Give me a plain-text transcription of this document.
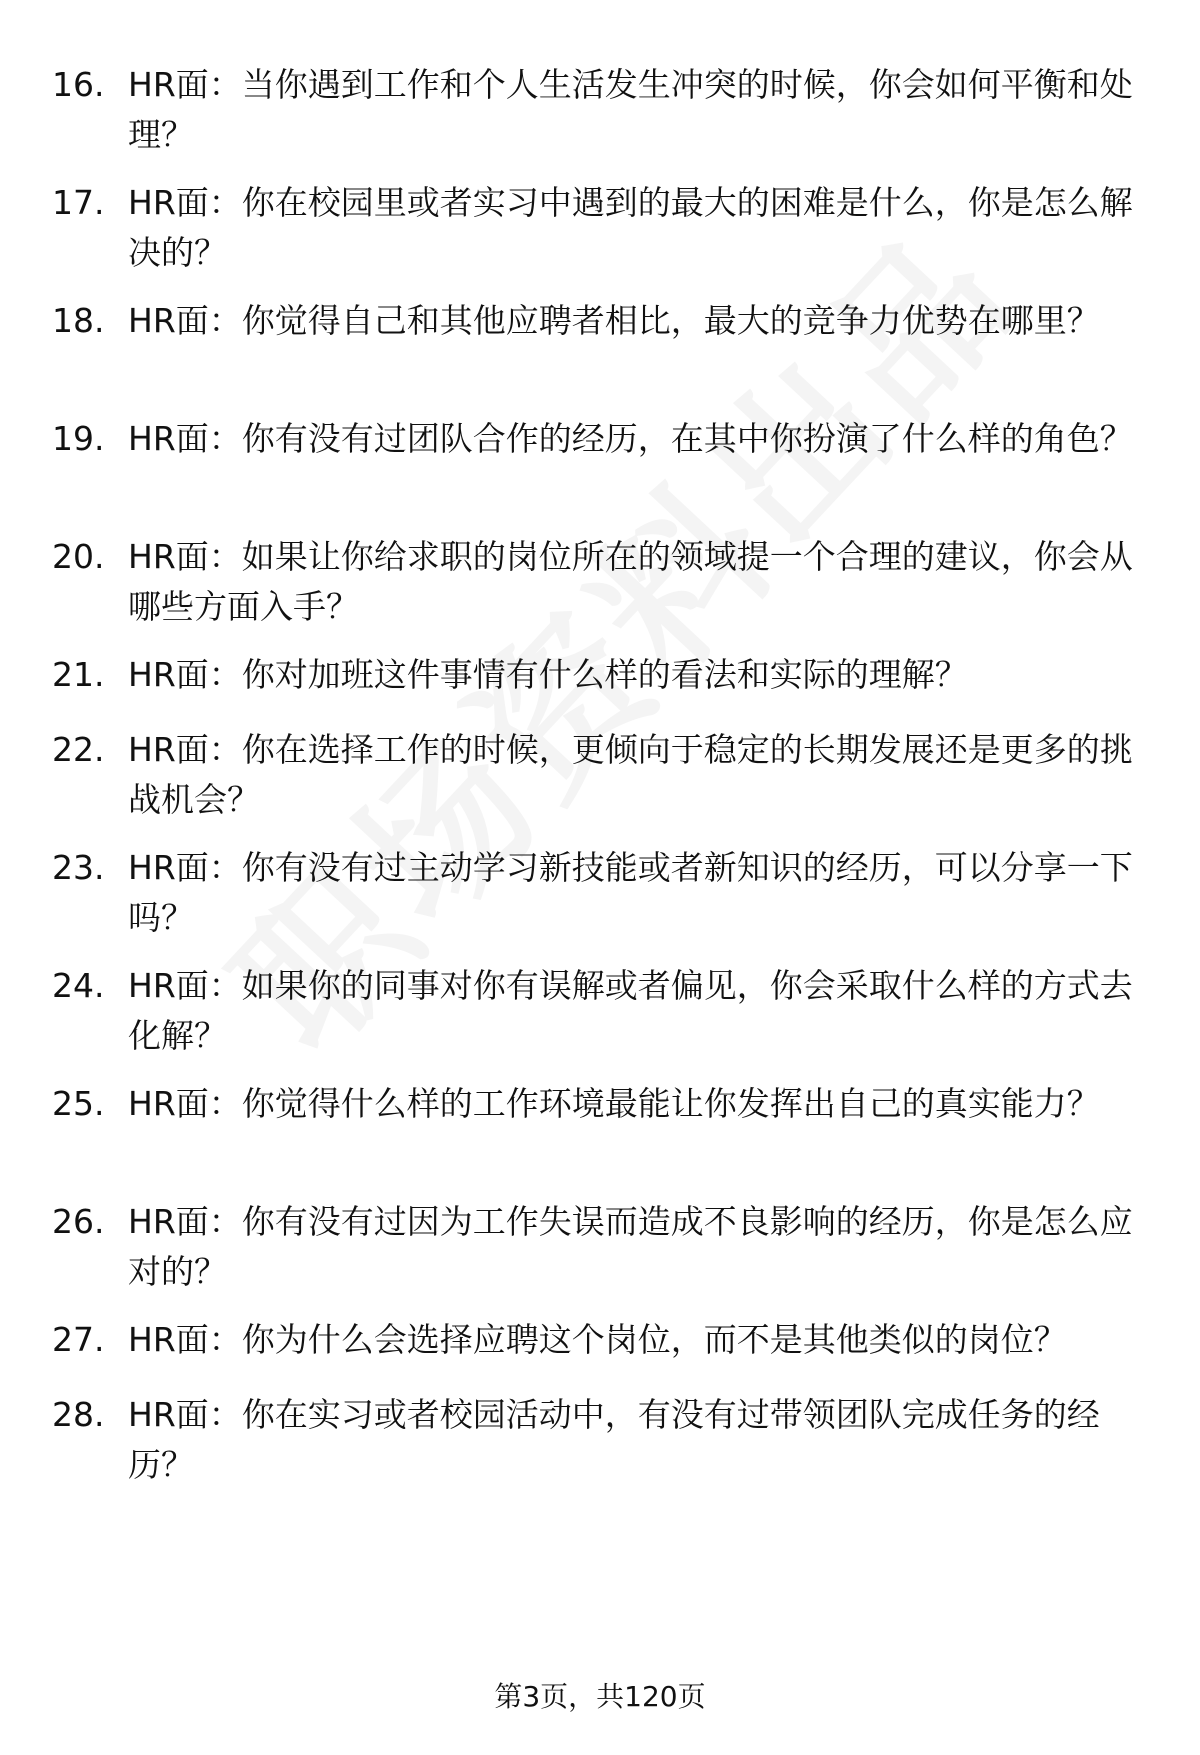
16. HR面：当你遇到工作和个人生活发生冲突的时候，你会如何平衡和处理？
17. HR面：你在校园里或者实习中遇到的最大的困难是什么，你是怎么解决的？
18. HR面：你觉得自己和其他应聘者相比，最大的竞争力优势在哪里？
19. HR面：你有没有过团队合作的经历，在其中你扮演了什么样的角色？
20. HR面：如果让你给求职的岗位所在的领域提一个合理的建议，你会从哪些方面入手？
21. HR面：你对加班这件事情有什么样的看法和实际的理解？
22. HR面：你在选择工作的时候，更倾向于稳定的长期发展还是更多的挑战机会？
23. HR面：你有没有过主动学习新技能或者新知识的经历，可以分享一下吗？
24. HR面：如果你的同事对你有误解或者偏见，你会采取什么样的方式去化解？
25. HR面：你觉得什么样的工作环境最能让你发挥出自己的真实能力？
26. HR面：你有没有过因为工作失误而造成不良影响的经历，你是怎么应对的？
27. HR面：你为什么会选择应聘这个岗位，而不是其他类似的岗位？
28. HR面：你在实习或者校园活动中，有没有过带领团队完成任务的经历？
第3页，共120页
